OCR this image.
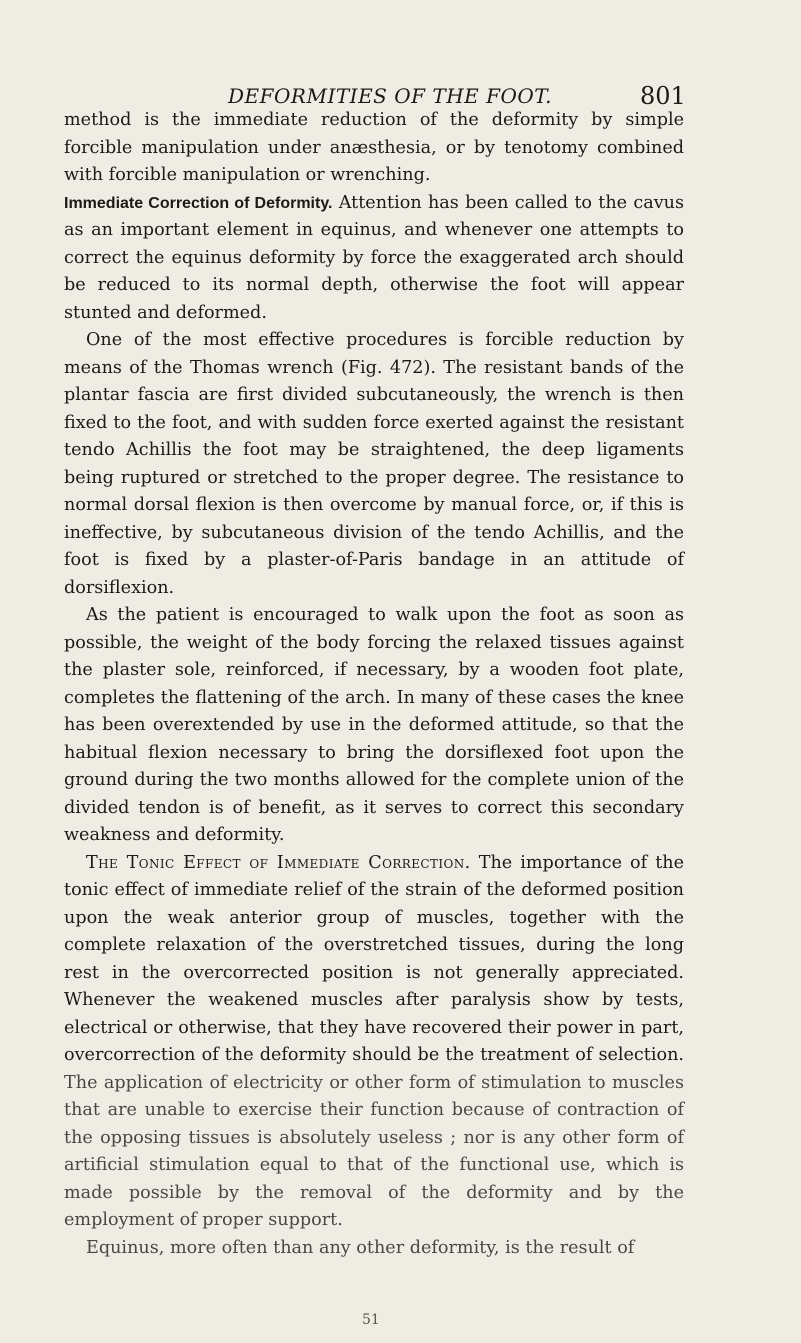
DEFORMITIES OF THE FOOT.	801

method is the immediate reduction of the deformity by simple forcible manipulation under anæsthesia, or by tenotomy combined with forcible manipulation or wrenching.

Immediate Correction of Deformity. Attention has been called to the cavus as an important element in equinus, and whenever one attempts to correct the equinus deformity by force the exaggerated arch should be reduced to its normal depth, otherwise the foot will appear stunted and deformed.

One of the most effective procedures is forcible reduction by means of the Thomas wrench (Fig. 472). The resistant bands of the plantar fascia are first divided subcutaneously, the wrench is then fixed to the foot, and with sudden force exerted against the resistant tendo Achillis the foot may be straightened, the deep ligaments being ruptured or stretched to the proper degree. The resistance to normal dorsal flexion is then overcome by manual force, or, if this is ineffective, by subcutaneous division of the tendo Achillis, and the foot is fixed by a plaster-of-Paris bandage in an attitude of dorsiflexion.

As the patient is encouraged to walk upon the foot as soon as possible, the weight of the body forcing the relaxed tissues against the plaster sole, reinforced, if necessary, by a wooden foot plate, completes the flattening of the arch. In many of these cases the knee has been overextended by use in the deformed attitude, so that the habitual flexion necessary to bring the dorsiflexed foot upon the ground during the two months allowed for the complete union of the divided tendon is of benefit, as it serves to correct this secondary weakness and deformity.

The Tonic Effect of Immediate Correction. The importance of the tonic effect of immediate relief of the strain of the deformed position upon the weak anterior group of muscles, together with the complete relaxation of the overstretched tissues, during the long rest in the overcorrected position is not generally appreciated. Whenever the weakened muscles after paralysis show by tests, electrical or otherwise, that they have recovered their power in part, overcorrection of the deformity should be the treatment of selection. The application of electricity or other form of stimulation to muscles that are unable to exercise their function because of contraction of the opposing tissues is absolutely useless ; nor is any other form of artificial stimulation equal to that of the functional use, which is made possible by the removal of the deformity and by the employment of proper support.

Equinus, more often than any other deformity, is the result of

51
